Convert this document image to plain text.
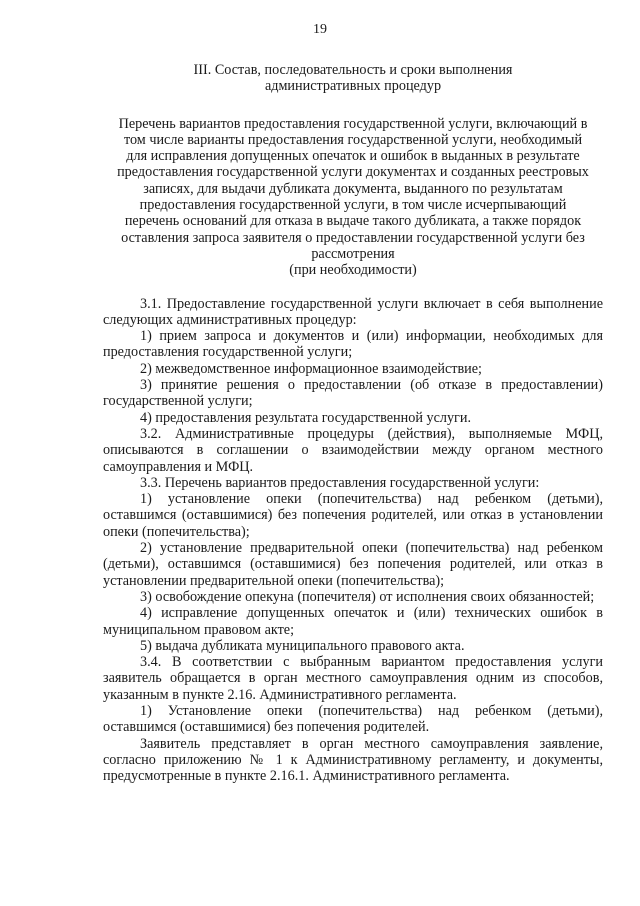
19
III. Состав, последовательность и сроки выполнения
административных процедур
Перечень вариантов предоставления государственной услуги, включающий в
том числе варианты предоставления государственной услуги, необходимый
для исправления допущенных опечаток и ошибок в выданных в результате
предоставления государственной услуги документах и созданных реестровых
записях, для выдачи дубликата документа, выданного по результатам
предоставления государственной услуги, в том числе исчерпывающий
перечень оснований для отказа в выдаче такого дубликата, а также порядок
оставления запроса заявителя о предоставлении государственной услуги без
рассмотрения
(при необходимости)

3.1. Предоставление государственной услуги включает в себя выполнение следующих административных процедур:

1) прием запроса и документов и (или) информации, необходимых для предоставления государственной услуги;

2) межведомственное информационное взаимодействие;

3) принятие решения о предоставлении (об отказе в предоставлении) государственной услуги;

4) предоставления результата государственной услуги.

3.2. Административные процедуры (действия), выполняемые МФЦ, описываются в соглашении о взаимодействии между органом местного самоуправления и МФЦ.

3.3. Перечень вариантов предоставления государственной услуги:

1) установление опеки (попечительства) над ребенком (детьми), оставшимся (оставшимися) без попечения родителей, или отказ в установлении опеки (попечительства);

2) установление предварительной опеки (попечительства) над ребенком (детьми), оставшимся (оставшимися) без попечения родителей, или отказ в установлении предварительной опеки (попечительства);

3) освобождение опекуна (попечителя) от исполнения своих обязанностей;

4) исправление допущенных опечаток и (или) технических ошибок в муниципальном правовом акте;

5) выдача дубликата муниципального правового акта.

3.4. В соответствии с выбранным вариантом предоставления услуги заявитель обращается в орган местного самоуправления одним из способов, указанным в пункте 2.16. Административного регламента.

1) Установление опеки (попечительства) над ребенком (детьми), оставшимся (оставшимися) без попечения родителей.

Заявитель представляет в орган местного самоуправления заявление, согласно приложению № 1 к Административному регламенту, и документы, предусмотренные в пункте 2.16.1. Административного регламента.
